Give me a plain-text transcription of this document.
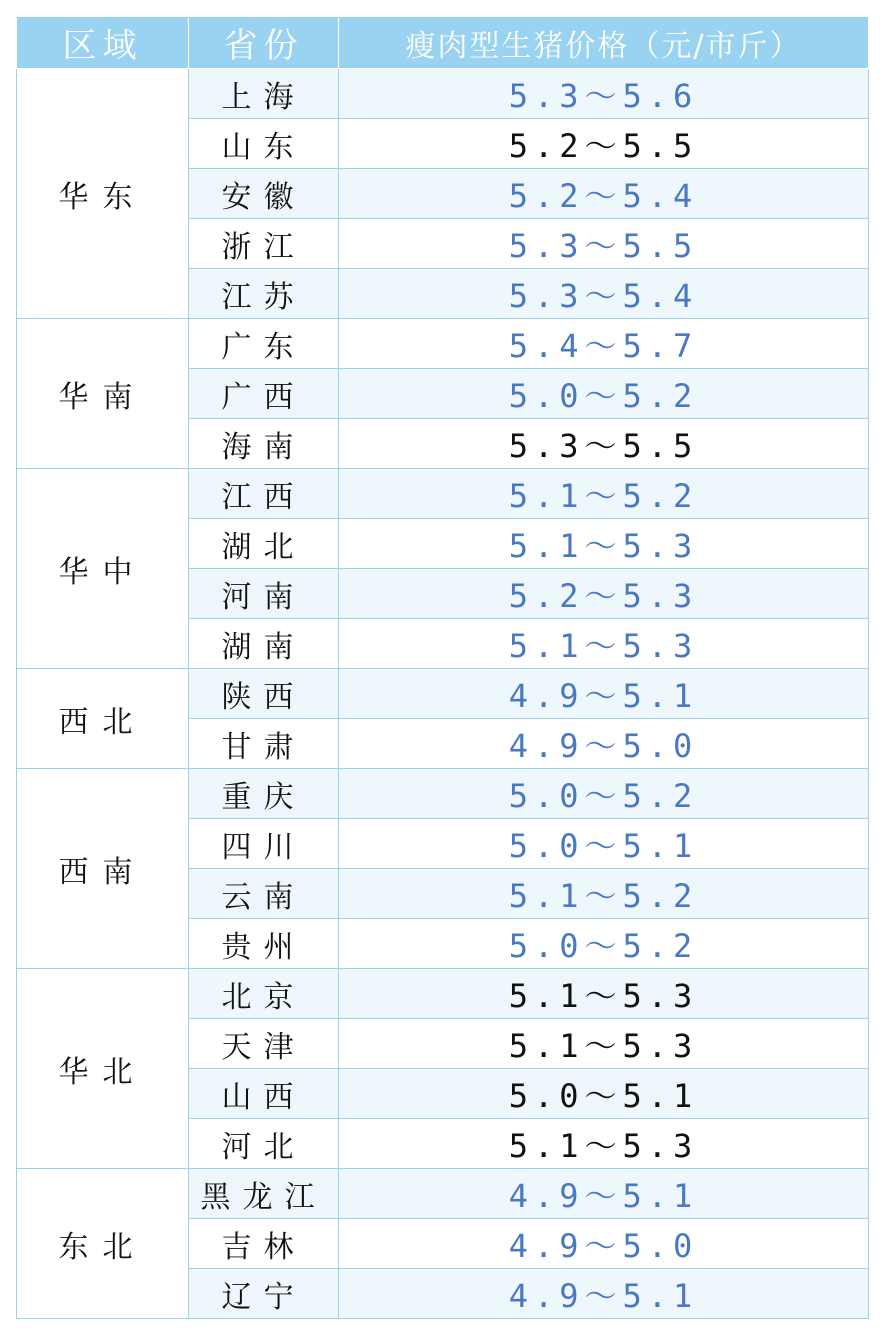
区域	省份	瘦肉型生猪价格（元/市斤）
华东	上海	5.3～5.6
	山东	5.2～5.5
	安徽	5.2～5.4
	浙江	5.3～5.5
	江苏	5.3～5.4
华南	广东	5.4～5.7
	广西	5.0～5.2
	海南	5.3～5.5
华中	江西	5.1～5.2
	湖北	5.1～5.3
	河南	5.2～5.3
	湖南	5.1～5.3
西北	陕西	4.9～5.1
	甘肃	4.9～5.0
西南	重庆	5.0～5.2
	四川	5.0～5.1
	云南	5.1～5.2
	贵州	5.0～5.2
华北	北京	5.1～5.3
	天津	5.1～5.3
	山西	5.0～5.1
	河北	5.1～5.3
东北	黑龙江	4.9～5.1
	吉林	4.9～5.0
	辽宁	4.9～5.1
